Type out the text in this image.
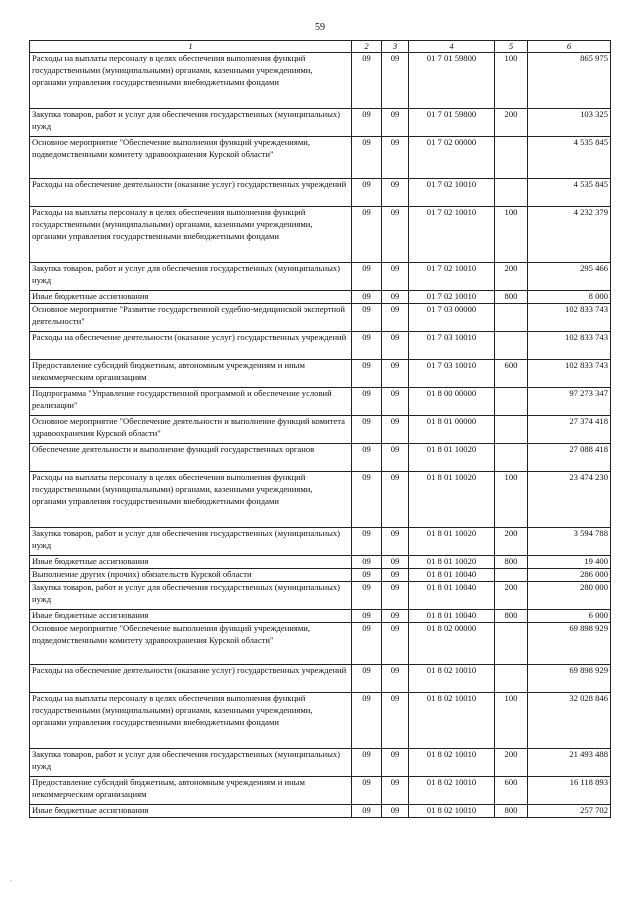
59
1	2	3	4	5	6
Расходы на выплаты персоналу в целях обеспечения выполнения функций государственными (муниципальными) органами, казенными учреждениями, органами управления государственными внебюджетными фондами	09	09	01 7 01 59800	100	865 975
Закупка товаров, работ и услуг для обеспечения государственных (муниципальных) нужд	09	09	01 7 01 59800	200	103 325
Основное мероприятие "Обеспечение выполнения функций учреждениями, подведомственными комитету здравоохранения Курской области"	09	09	01 7 02 00000		4 535 845
Расходы на обеспечение деятельности (оказание услуг) государственных учреждений	09	09	01 7 02 10010		4 535 845
Расходы на выплаты персоналу в целях обеспечения выполнения функций государственными (муниципальными) органами, казенными учреждениями, органами управления государственными внебюджетными фондами	09	09	01 7 02 10010	100	4 232 379
Закупка товаров, работ и услуг для обеспечения государственных (муниципальных) нужд	09	09	01 7 02 10010	200	295 466
Иные бюджетные ассигнования	09	09	01 7 02 10010	800	8 000
Основное мероприятие "Развитие государственной судебно-медицинской экспертной деятельности"	09	09	01 7 03 00000		102 833 743
Расходы на обеспечение деятельности (оказание услуг) государственных учреждений	09	09	01 7 03 10010		102 833 743
Предоставление субсидий бюджетным, автономным учреждениям и иным некоммерческим организациям	09	09	01 7 03 10010	600	102 833 743
Подпрограмма "Управление государственной программой и обеспечение условий реализации"	09	09	01 8 00 00000		97 273 347
Основное мероприятие "Обеспечение деятельности и выполнение функций комитета здравоохранения Курской области"	09	09	01 8 01 00000		27 374 418
Обеспечение деятельности и выполнение функций государственных органов	09	09	01 8 01 10020		27 088 418
Расходы на выплаты персоналу в целях обеспечения выполнения функций государственными (муниципальными) органами, казенными учреждениями, органами управления государственными внебюджетными фондами	09	09	01 8 01 10020	100	23 474 230
Закупка товаров, работ и услуг для обеспечения государственных (муниципальных) нужд	09	09	01 8 01 10020	200	3 594 788
Иные бюджетные ассигнования	09	09	01 8 01 10020	800	19 400
Выполнение других (прочих) обязательств Курской области	09	09	01 8 01 10040		286 000
Закупка товаров, работ и услуг для обеспечения государственных (муниципальных) нужд	09	09	01 8 01 10040	200	280 000
Иные бюджетные ассигнования	09	09	01 8 01 10040	800	6 000
Основное мероприятие "Обеспечение выполнения функций учреждениями, подведомственными комитету здравоохранения Курской области"	09	09	01 8 02 00000		69 898 929
Расходы на обеспечение деятельности (оказание услуг) государственных учреждений	09	09	01 8 02 10010		69 898 929
Расходы на выплаты персоналу в целях обеспечения выполнения функций государственными (муниципальными) органами, казенными учреждениями, органами управления государственными внебюджетными фондами	09	09	01 8 02 10010	100	32 028 846
Закупка товаров, работ и услуг для обеспечения государственных (муниципальных) нужд	09	09	01 8 02 10010	200	21 493 488
Предоставление субсидий бюджетным, автономным учреждениям и иным некоммерческим организациям	09	09	01 8 02 10010	600	16 118 893
Иные бюджетные ассигнования	09	09	01 8 02 10010	800	257 702
·
